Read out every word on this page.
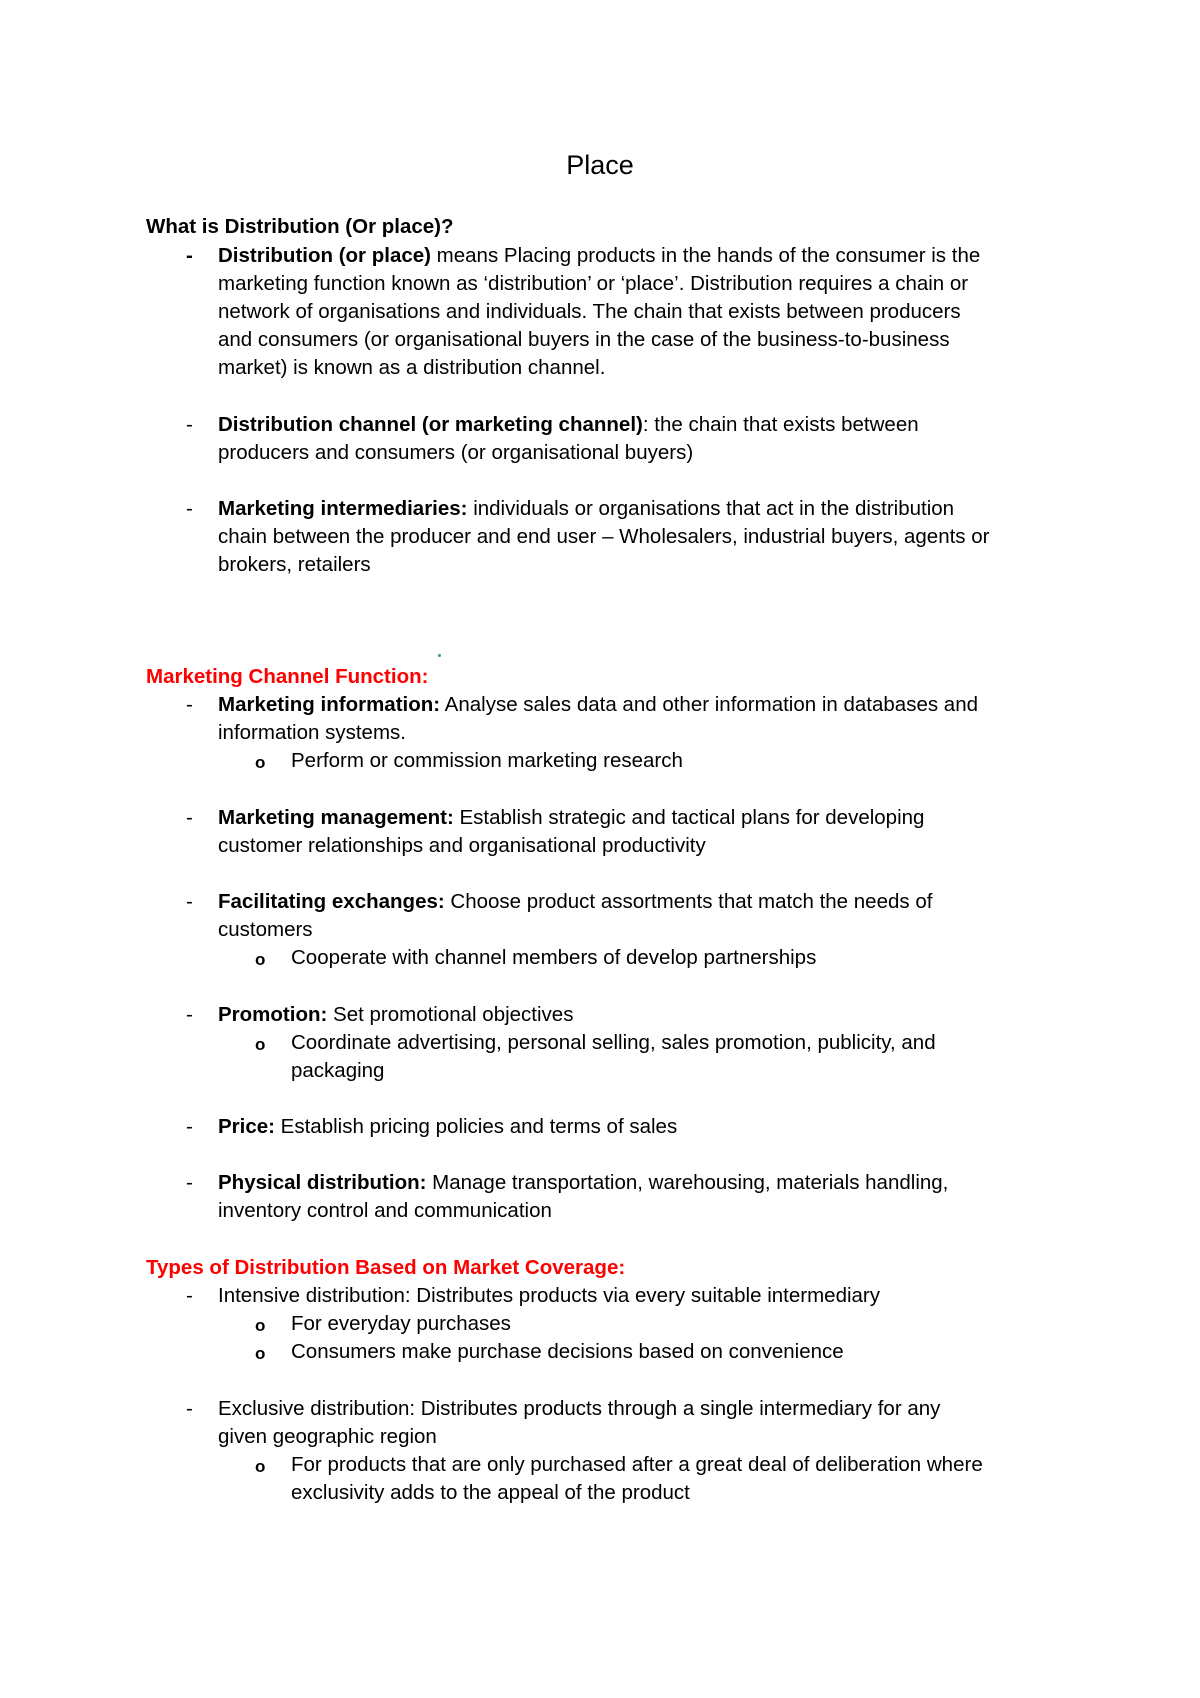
Place
What is Distribution (Or place)?
- Distribution (or place) means Placing products in the hands of the consumer is the
marketing function known as ‘distribution’ or ‘place’. Distribution requires a chain or
network of organisations and individuals. The chain that exists between producers
and consumers (or organisational buyers in the case of the business-to-business
market) is known as a distribution channel.
- Distribution channel (or marketing channel): the chain that exists between
producers and consumers (or organisational buyers)
- Marketing intermediaries: individuals or organisations that act in the distribution
chain between the producer and end user – Wholesalers, industrial buyers, agents or
brokers, retailers
Marketing Channel Function:
- Marketing information: Analyse sales data and other information in databases and
information systems.
o Perform or commission marketing research
- Marketing management: Establish strategic and tactical plans for developing
customer relationships and organisational productivity
- Facilitating exchanges: Choose product assortments that match the needs of
customers
o Cooperate with channel members of develop partnerships
- Promotion: Set promotional objectives
o Coordinate advertising, personal selling, sales promotion, publicity, and
packaging
- Price: Establish pricing policies and terms of sales
- Physical distribution: Manage transportation, warehousing, materials handling,
inventory control and communication
Types of Distribution Based on Market Coverage:
- Intensive distribution: Distributes products via every suitable intermediary
o For everyday purchases
o Consumers make purchase decisions based on convenience
- Exclusive distribution: Distributes products through a single intermediary for any
given geographic region
o For products that are only purchased after a great deal of deliberation where
exclusivity adds to the appeal of the product
